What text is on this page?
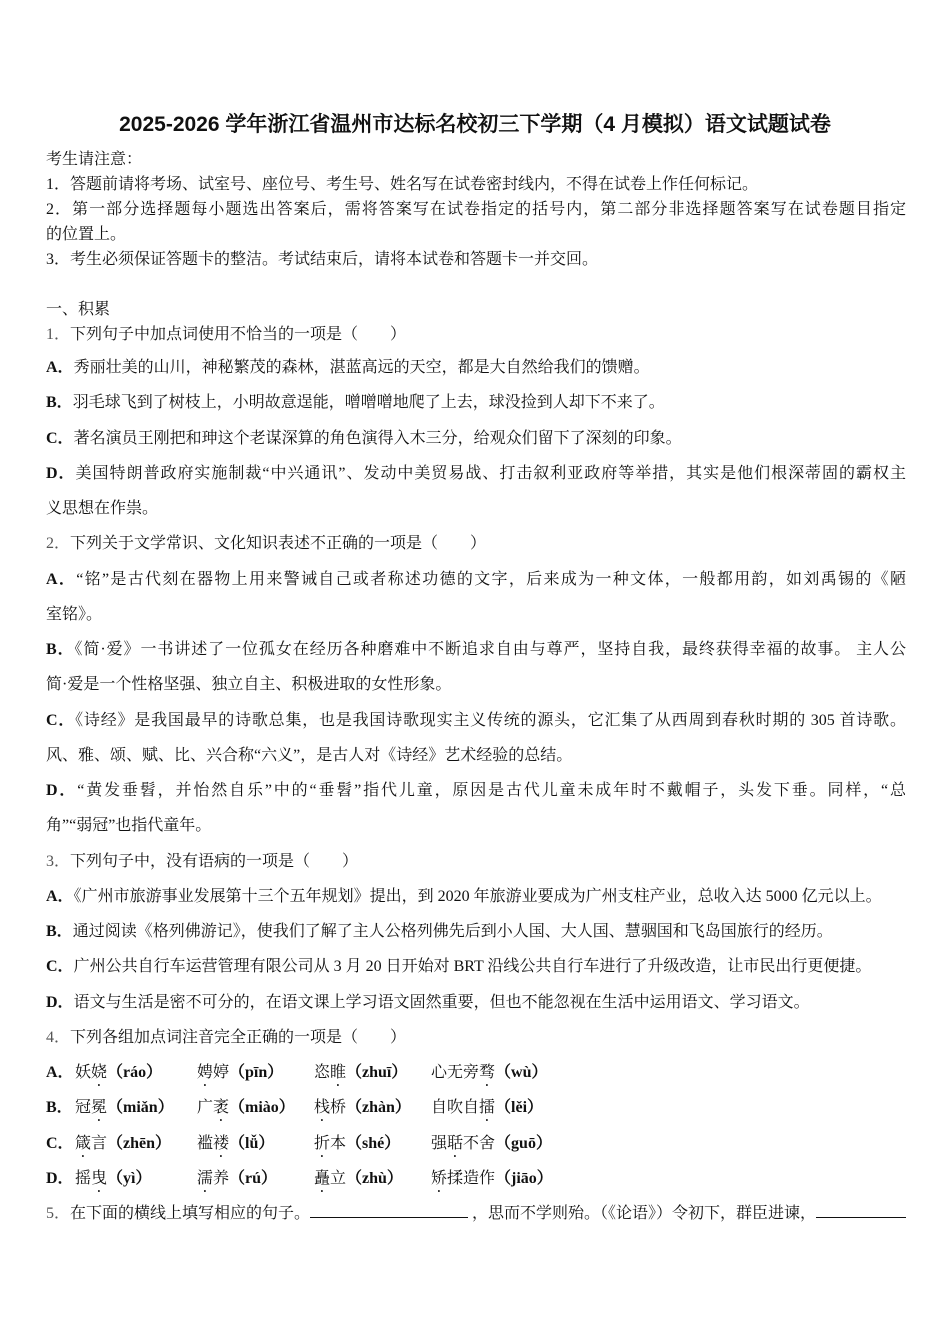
2025-2026 学年浙江省温州市达标名校初三下学期（4 月模拟）语文试题试卷
考生请注意：
1．答题前请将考场、试室号、座位号、考生号、姓名写在试卷密封线内，不得在试卷上作任何标记。
2．第一部分选择题每小题选出答案后，需将答案写在试卷指定的括号内，第二部分非选择题答案写在试卷题目指定
的位置上。
3．考生必须保证答题卡的整洁。考试结束后，请将本试卷和答题卡一并交回。
一、积累
1．下列句子中加点词使用不恰当的一项是（　　）
A．秀丽壮美的山川，神秘繁茂的森林，湛蓝高远的天空，都是大自然给我们的馈赠。
B．羽毛球飞到了树枝上，小明故意逞能，噌噌噌地爬了上去，球没捡到人却下不来了。
C．著名演员王刚把和珅这个老谋深算的角色演得入木三分，给观众们留下了深刻的印象。
D．美国特朗普政府实施制裁“中兴通讯”、发动中美贸易战、打击叙利亚政府等举措，其实是他们根深蒂固的霸权主
义思想在作祟。
2．下列关于文学常识、文化知识表述不正确的一项是（　　）
A．“铭”是古代刻在器物上用来警诫自己或者称述功德的文字，后来成为一种文体，一般都用韵，如刘禹锡的《陋
室铭》。
B．《简·爱》一书讲述了一位孤女在经历各种磨难中不断追求自由与尊严，坚持自我，最终获得幸福的故事。 主人公
简·爱是一个性格坚强、独立自主、积极进取的女性形象。
C．《诗经》是我国最早的诗歌总集，也是我国诗歌现实主义传统的源头，它汇集了从西周到春秋时期的 305 首诗歌。
风、雅、颂、赋、比、兴合称“六义”，是古人对《诗经》艺术经验的总结。
D．“黄发垂髫，并怡然自乐”中的“垂髫”指代儿童，原因是古代儿童未成年时不戴帽子，头发下垂。同样，“总
角”“弱冠”也指代童年。
3．下列句子中，没有语病的一项是（　　）
A．《广州市旅游事业发展第十三个五年规划》提出，到 2020 年旅游业要成为广州支柱产业，总收入达 5000 亿元以上。
B．通过阅读《格列佛游记》，使我们了解了主人公格列佛先后到小人国、大人国、慧骃国和飞岛国旅行的经历。
C．广州公共自行车运营管理有限公司从 3 月 20 日开始对 BRT 沿线公共自行车进行了升级改造，让市民出行更便捷。
D．语文与生活是密不可分的，在语文课上学习语文固然重要，但也不能忽视在生活中运用语文、学习语文。
4．下列各组加点词注音完全正确的一项是（　　）
A． 妖娆（ráo）	娉婷（pīn）	恣睢（zhuī）	心无旁骛（wù）
B． 冠冕（miǎn）	广袤（miào）	栈桥（zhàn）	自吹自擂（lěi）
C． 箴言（zhēn）	褴褛（lǚ）	折本（shé）	强聒不舍（guō）
D． 摇曳（yì）	濡养（rú）	矗立（zhù）	矫揉造作（jiāo）
5． 在下面的横线上填写相应的句子。	，思而不学则殆。（《论语》）令初下，群臣进谏，
